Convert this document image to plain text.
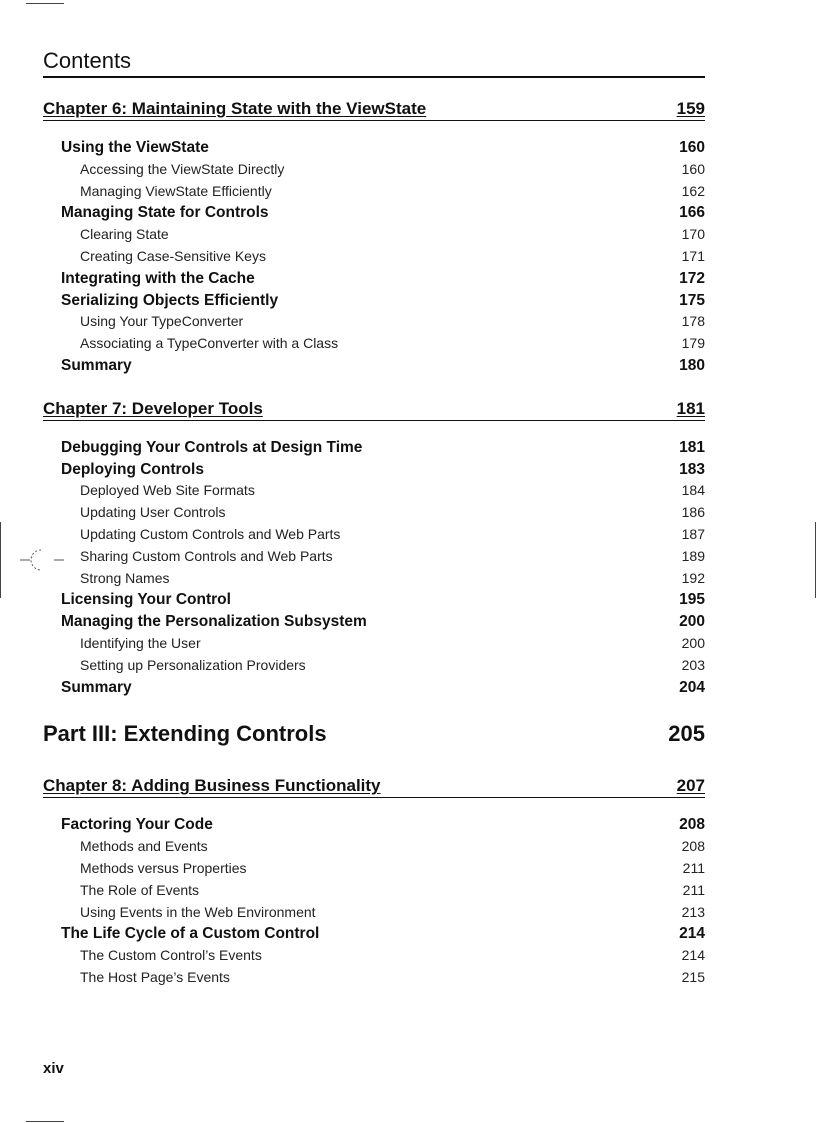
Contents
Chapter 6: Maintaining State with the ViewState	159
Using the ViewState	160
Accessing the ViewState Directly	160
Managing ViewState Efficiently	162
Managing State for Controls	166
Clearing State	170
Creating Case-Sensitive Keys	171
Integrating with the Cache	172
Serializing Objects Efficiently	175
Using Your TypeConverter	178
Associating a TypeConverter with a Class	179
Summary	180
Chapter 7: Developer Tools	181
Debugging Your Controls at Design Time	181
Deploying Controls	183
Deployed Web Site Formats	184
Updating User Controls	186
Updating Custom Controls and Web Parts	187
Sharing Custom Controls and Web Parts	189
Strong Names	192
Licensing Your Control	195
Managing the Personalization Subsystem	200
Identifying the User	200
Setting up Personalization Providers	203
Summary	204
Part III: Extending Controls	205
Chapter 8: Adding Business Functionality	207
Factoring Your Code	208
Methods and Events	208
Methods versus Properties	211
The Role of Events	211
Using Events in the Web Environment	213
The Life Cycle of a Custom Control	214
The Custom Control’s Events	214
The Host Page’s Events	215
xiv
